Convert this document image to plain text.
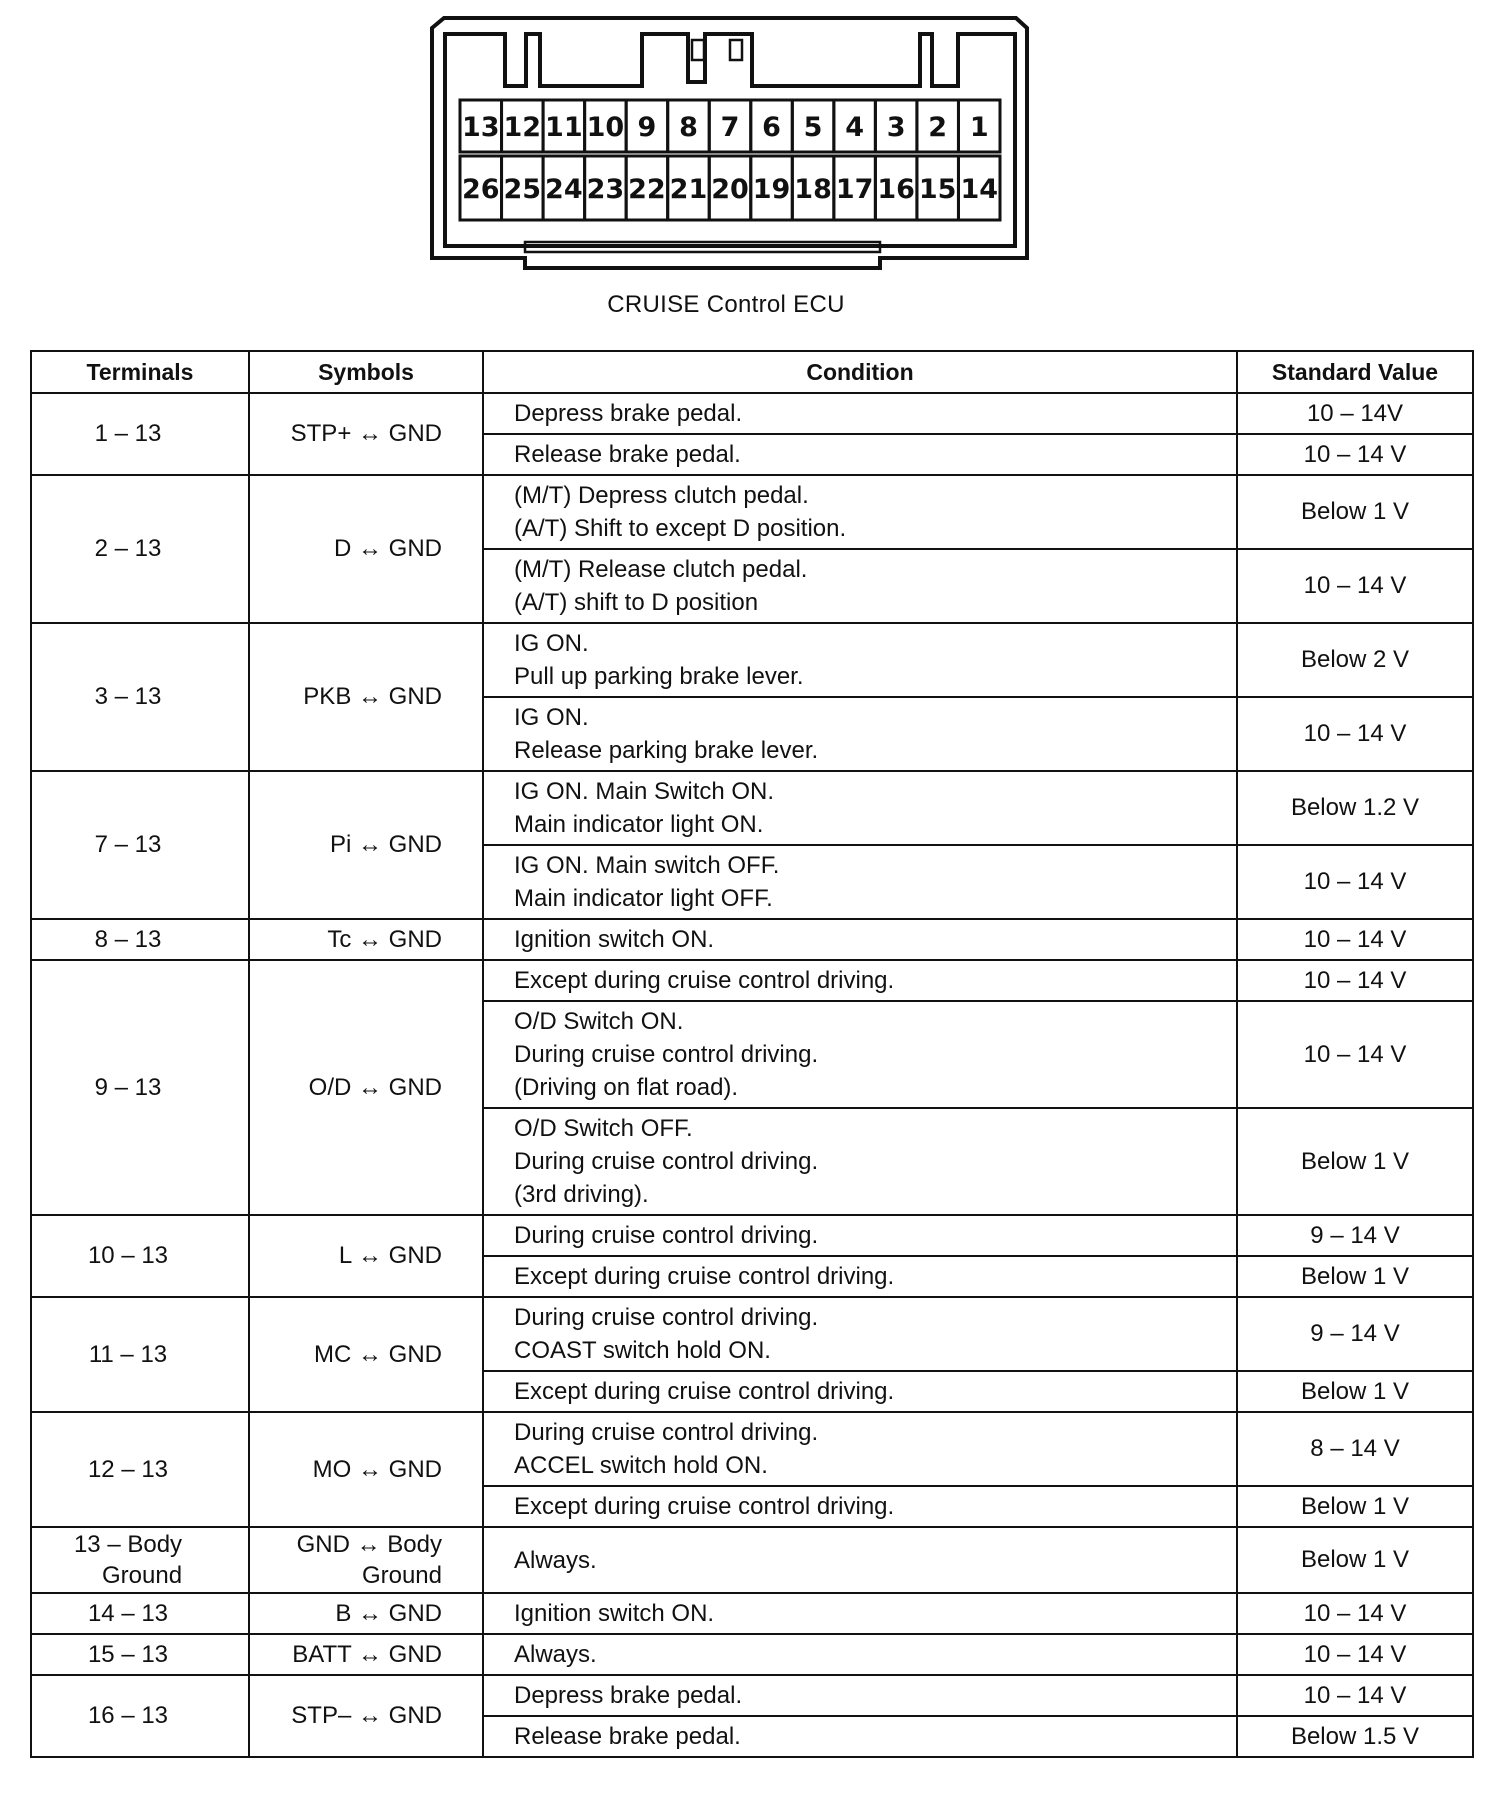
13 12 11 10 9 8 7 6 5 4 3 2 1
26 25 24 23 22 21 20 19 18 17 16 15 14
CRUISE Control ECU
Terminals	Symbols	Condition	Standard Value
1 – 13	STP+ ↔ GND	Depress brake pedal.	10 – 14V
		Release brake pedal.	10 – 14 V
2 – 13	D ↔ GND	(M/T) Depress clutch pedal.
(A/T) Shift to except D position.	Below 1 V
		(M/T) Release clutch pedal.
(A/T) shift to D position	10 – 14 V
3 – 13	PKB ↔ GND	IG ON.
Pull up parking brake lever.	Below 2 V
		IG ON.
Release parking brake lever.	10 – 14 V
7 – 13	Pi ↔ GND	IG ON. Main Switch ON.
Main indicator light ON.	Below 1.2 V
		IG ON. Main switch OFF.
Main indicator light OFF.	10 – 14 V
8 – 13	Tc ↔ GND	Ignition switch ON.	10 – 14 V
9 – 13	O/D ↔ GND	Except during cruise control driving.	10 – 14 V
		O/D Switch ON.
During cruise control driving.
(Driving on flat road).	10 – 14 V
		O/D Switch OFF.
During cruise control driving.
(3rd driving).	Below 1 V
10 – 13	L ↔ GND	During cruise control driving.	9 – 14 V
		Except during cruise control driving.	Below 1 V
11 – 13	MC ↔ GND	During cruise control driving.
COAST switch hold ON.	9 – 14 V
		Except during cruise control driving.	Below 1 V
12 – 13	MO ↔ GND	During cruise control driving.
ACCEL switch hold ON.	8 – 14 V
		Except during cruise control driving.	Below 1 V
13 – Body
Ground	GND ↔ Body
Ground	Always.	Below 1 V
14 – 13	B ↔ GND	Ignition switch ON.	10 – 14 V
15 – 13	BATT ↔ GND	Always.	10 – 14 V
16 – 13	STP– ↔ GND	Depress brake pedal.	10 – 14 V
		Release brake pedal.	Below 1.5 V
